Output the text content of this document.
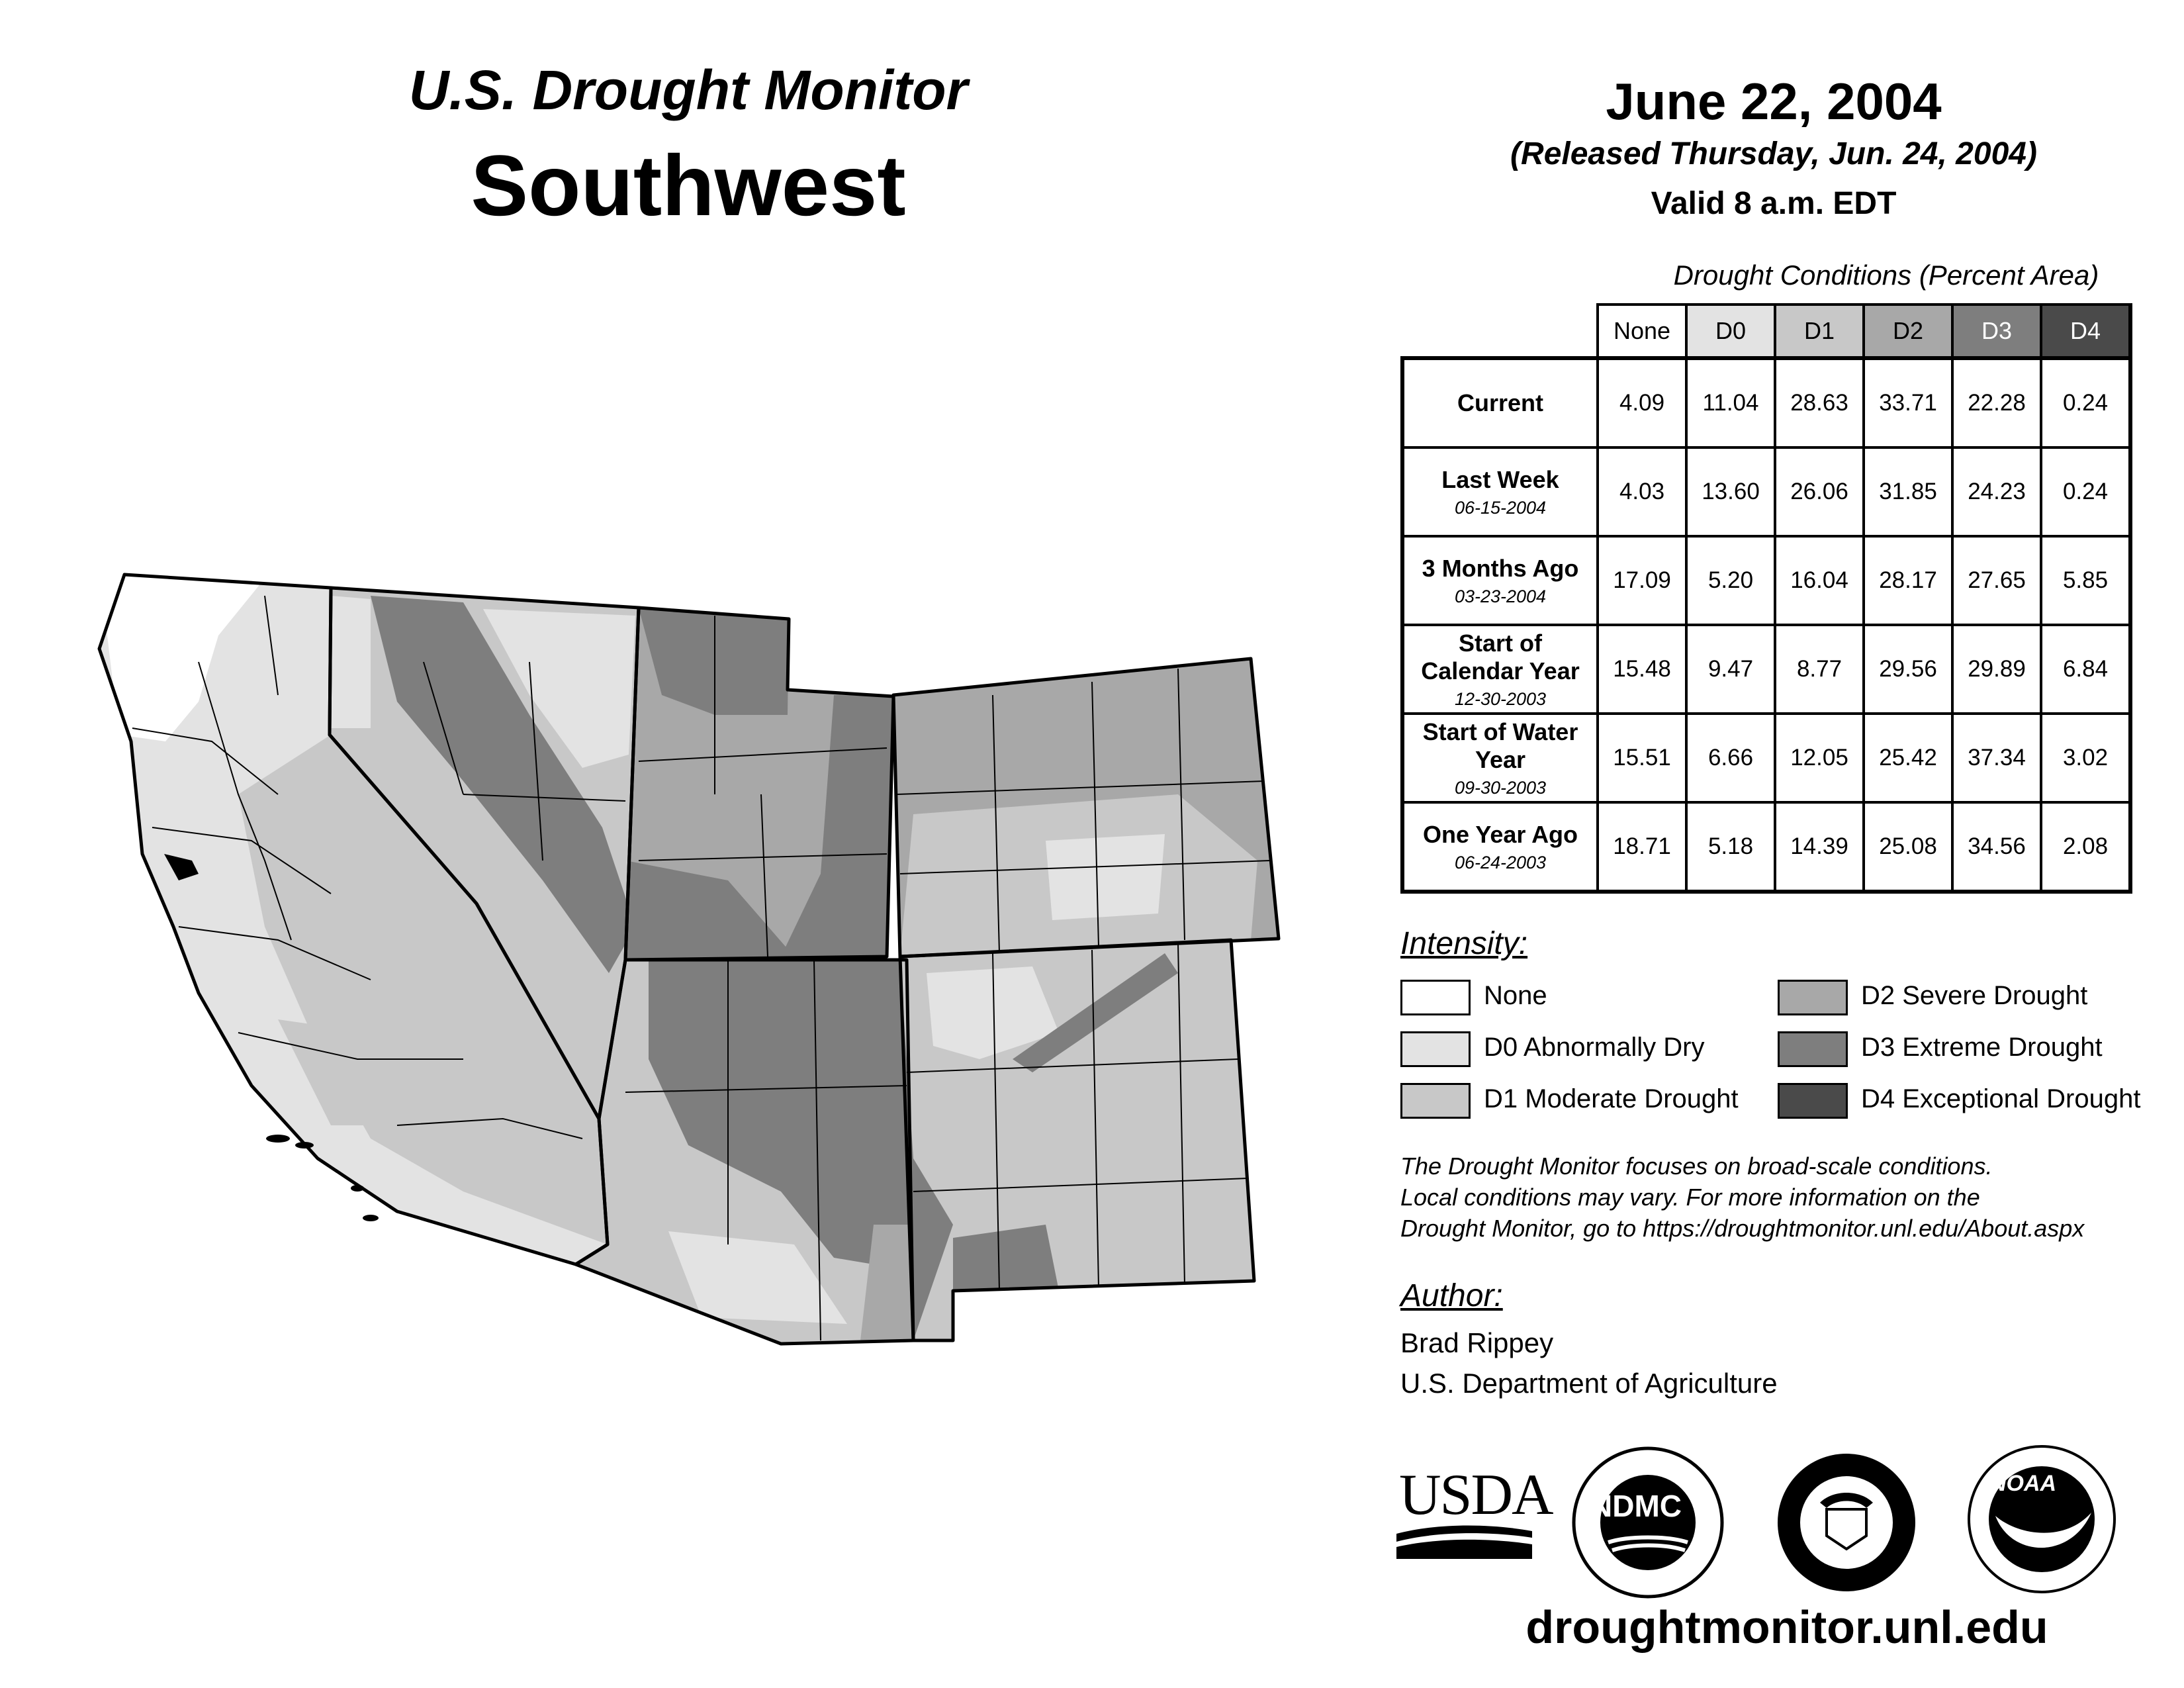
U.S. Drought Monitor
Southwest
June 22, 2004
(Released Thursday, Jun. 24, 2004)
Valid 8 a.m. EDT
Drought Conditions (Percent Area)
	None	D0	D1	D2	D3	D4

Current	4.09	11.04	28.63	33.71	22.28	0.24

Last Week
06-15-2004	4.03	13.60	26.06	31.85	24.23	0.24

3 Months Ago
03-23-2004	17.09	5.20	16.04	28.17	27.65	5.85

Start of Calendar Year
12-30-2003	15.48	9.47	8.77	29.56	29.89	6.84

Start of Water Year
09-30-2003	15.51	6.66	12.05	25.42	37.34	3.02

One Year Ago
06-24-2003	18.71	5.18	14.39	25.08	34.56	2.08
Intensity:
None
D0 Abnormally Dry
D1 Moderate Drought
D2 Severe Drought
D3 Extreme Drought
D4 Exceptional Drought
The Drought Monitor focuses on broad-scale conditions.
Local conditions may vary. For more information on the
Drought Monitor, go to https://droughtmonitor.unl.edu/About.aspx
Author:
Brad Rippey
U.S. Department of Agriculture
USDA	NDMC
NOAA
droughtmonitor.unl.edu
